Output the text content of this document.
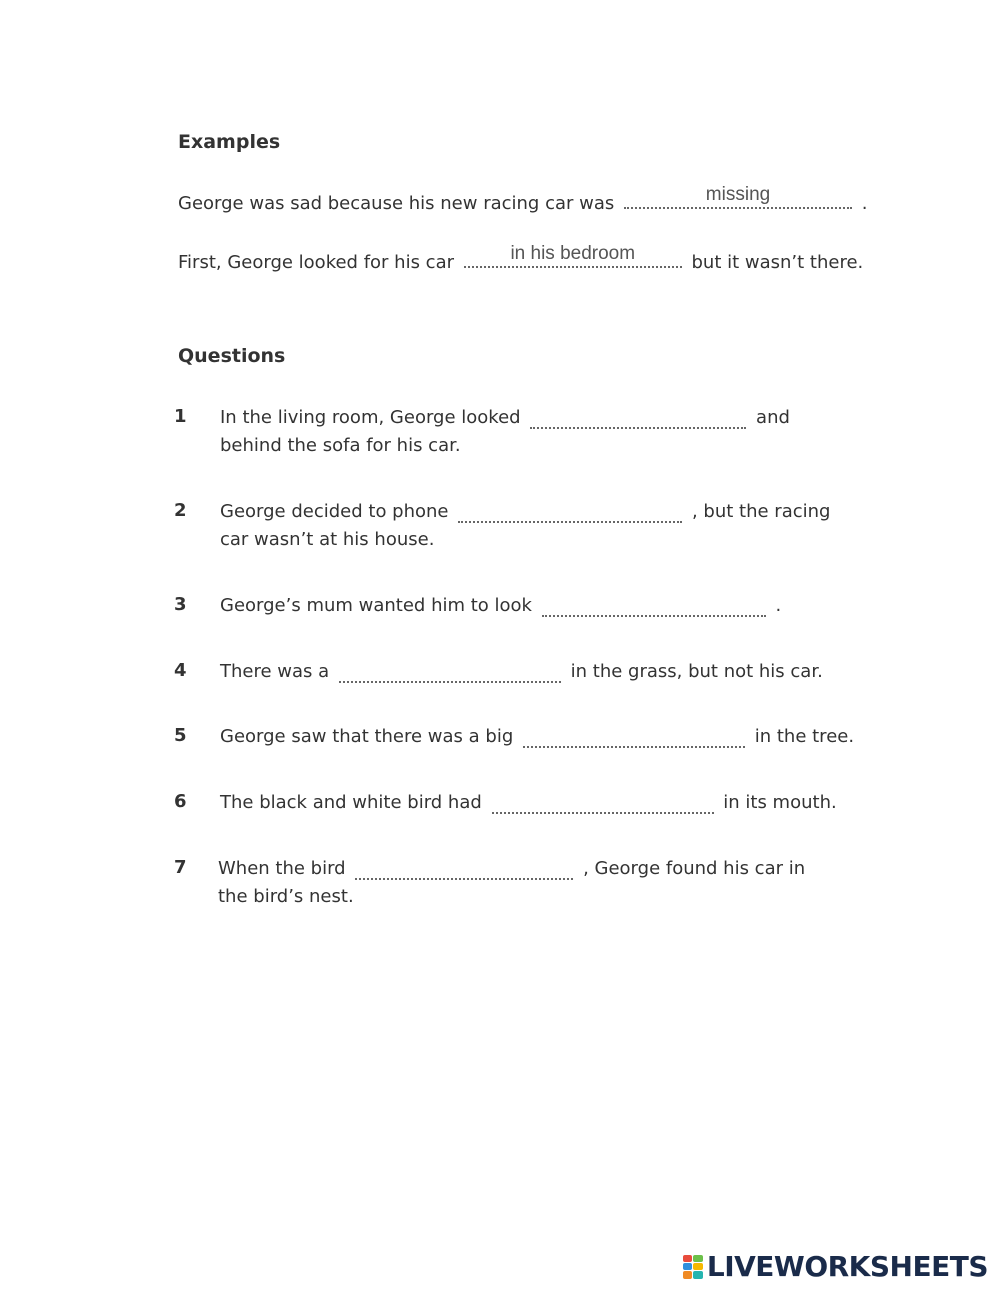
Examples
George was sad because his new racing car was	missing	.
First, George looked for his car	in his bedroom	but it wasn’t there.
Questions
1 In the living room, George looked	and
behind the sofa for his car.
2 George decided to phone	, but the racing
car wasn’t at his house.
3 George’s mum wanted him to look	.
4 There was a	in the grass, but not his car.
5 George saw that there was a big	in the tree.
6 The black and white bird had	in its mouth.
7 When the bird	, George found his car in
the bird’s nest.
LIVEWORKSHEETS
